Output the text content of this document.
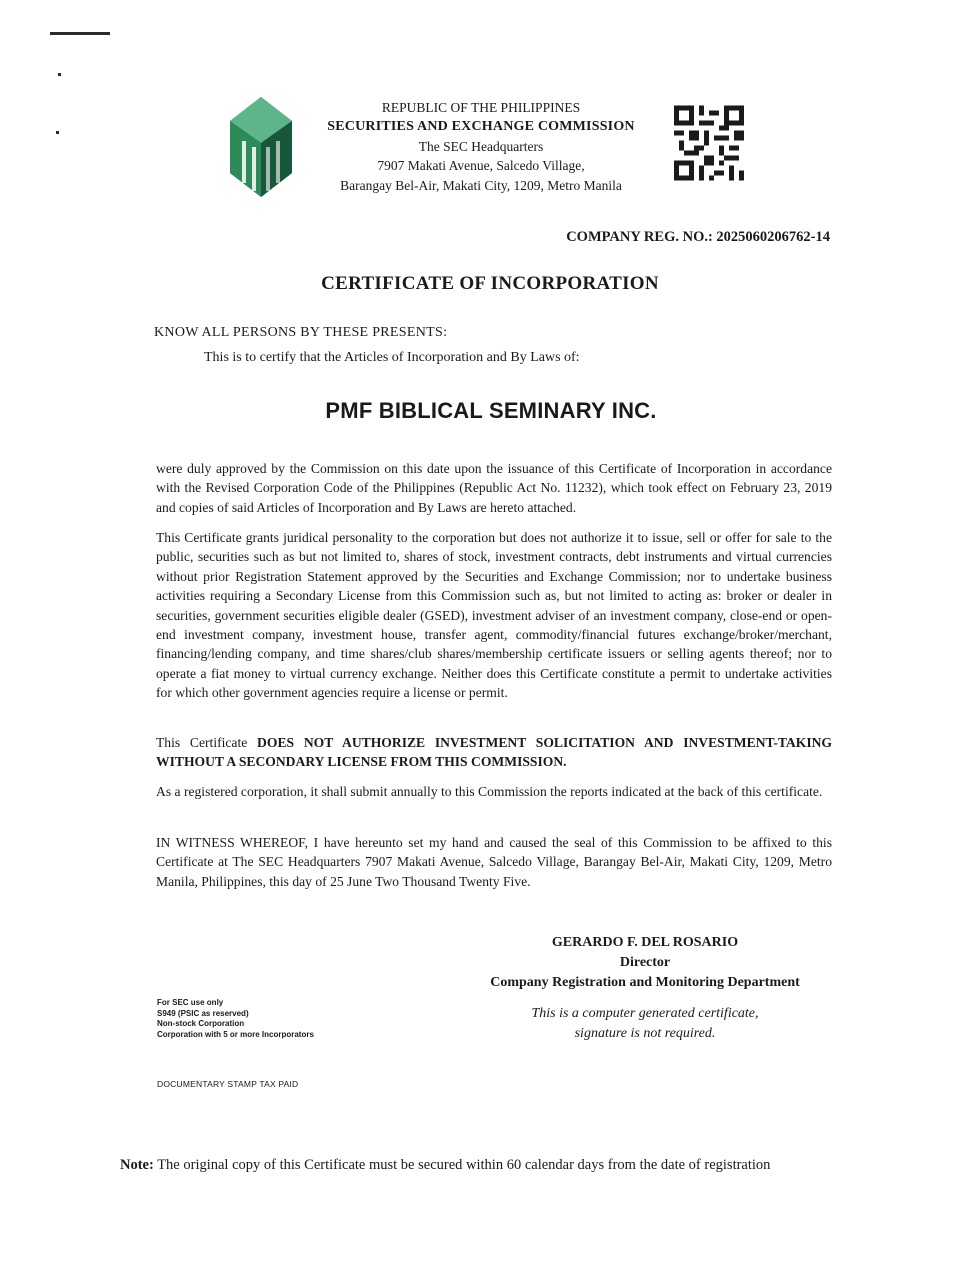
REPUBLIC OF THE PHILIPPINES
SECURITIES AND EXCHANGE COMMISSION
The SEC Headquarters
7907 Makati Avenue, Salcedo Village,
Barangay Bel-Air, Makati City, 1209, Metro Manila
COMPANY REG. NO.: 2025060206762-14
CERTIFICATE OF INCORPORATION
KNOW ALL PERSONS BY THESE PRESENTS:
This is to certify that the Articles of Incorporation and By Laws of:
PMF BIBLICAL SEMINARY INC.
were duly approved by the Commission on this date upon the issuance of this Certificate of Incorporation in accordance with the Revised Corporation Code of the Philippines (Republic Act No. 11232), which took effect on February 23, 2019 and copies of said Articles of Incorporation and By Laws are hereto attached.
This Certificate grants juridical personality to the corporation but does not authorize it to issue, sell or offer for sale to the public, securities such as but not limited to, shares of stock, investment contracts, debt instruments and virtual currencies without prior Registration Statement approved by the Securities and Exchange Commission; nor to undertake business activities requiring a Secondary License from this Commission such as, but not limited to acting as: broker or dealer in securities, government securities eligible dealer (GSED), investment adviser of an investment company, close-end or open-end investment company, investment house, transfer agent, commodity/financial futures exchange/broker/merchant, financing/lending company, and time shares/club shares/membership certificate issuers or selling agents thereof; nor to operate a fiat money to virtual currency exchange. Neither does this Certificate constitute a permit to undertake activities for which other government agencies require a license or permit.
This Certificate DOES NOT AUTHORIZE INVESTMENT SOLICITATION AND INVESTMENT-TAKING WITHOUT A SECONDARY LICENSE FROM THIS COMMISSION.
As a registered corporation, it shall submit annually to this Commission the reports indicated at the back of this certificate.
IN WITNESS WHEREOF, I have hereunto set my hand and caused the seal of this Commission to be affixed to this Certificate at The SEC Headquarters 7907 Makati Avenue, Salcedo Village, Barangay Bel-Air, Makati City, 1209, Metro Manila, Philippines, this day of 25 June Two Thousand Twenty Five.
GERARDO F. DEL ROSARIO
Director
Company Registration and Monitoring Department
This is a computer generated certificate,
signature is not required.
For SEC use only
S949 (PSIC as reserved)
Non-stock Corporation
Corporation with 5 or more Incorporators
DOCUMENTARY STAMP TAX PAID
Note: The original copy of this Certificate must be secured within 60 calendar days from the date of registration
